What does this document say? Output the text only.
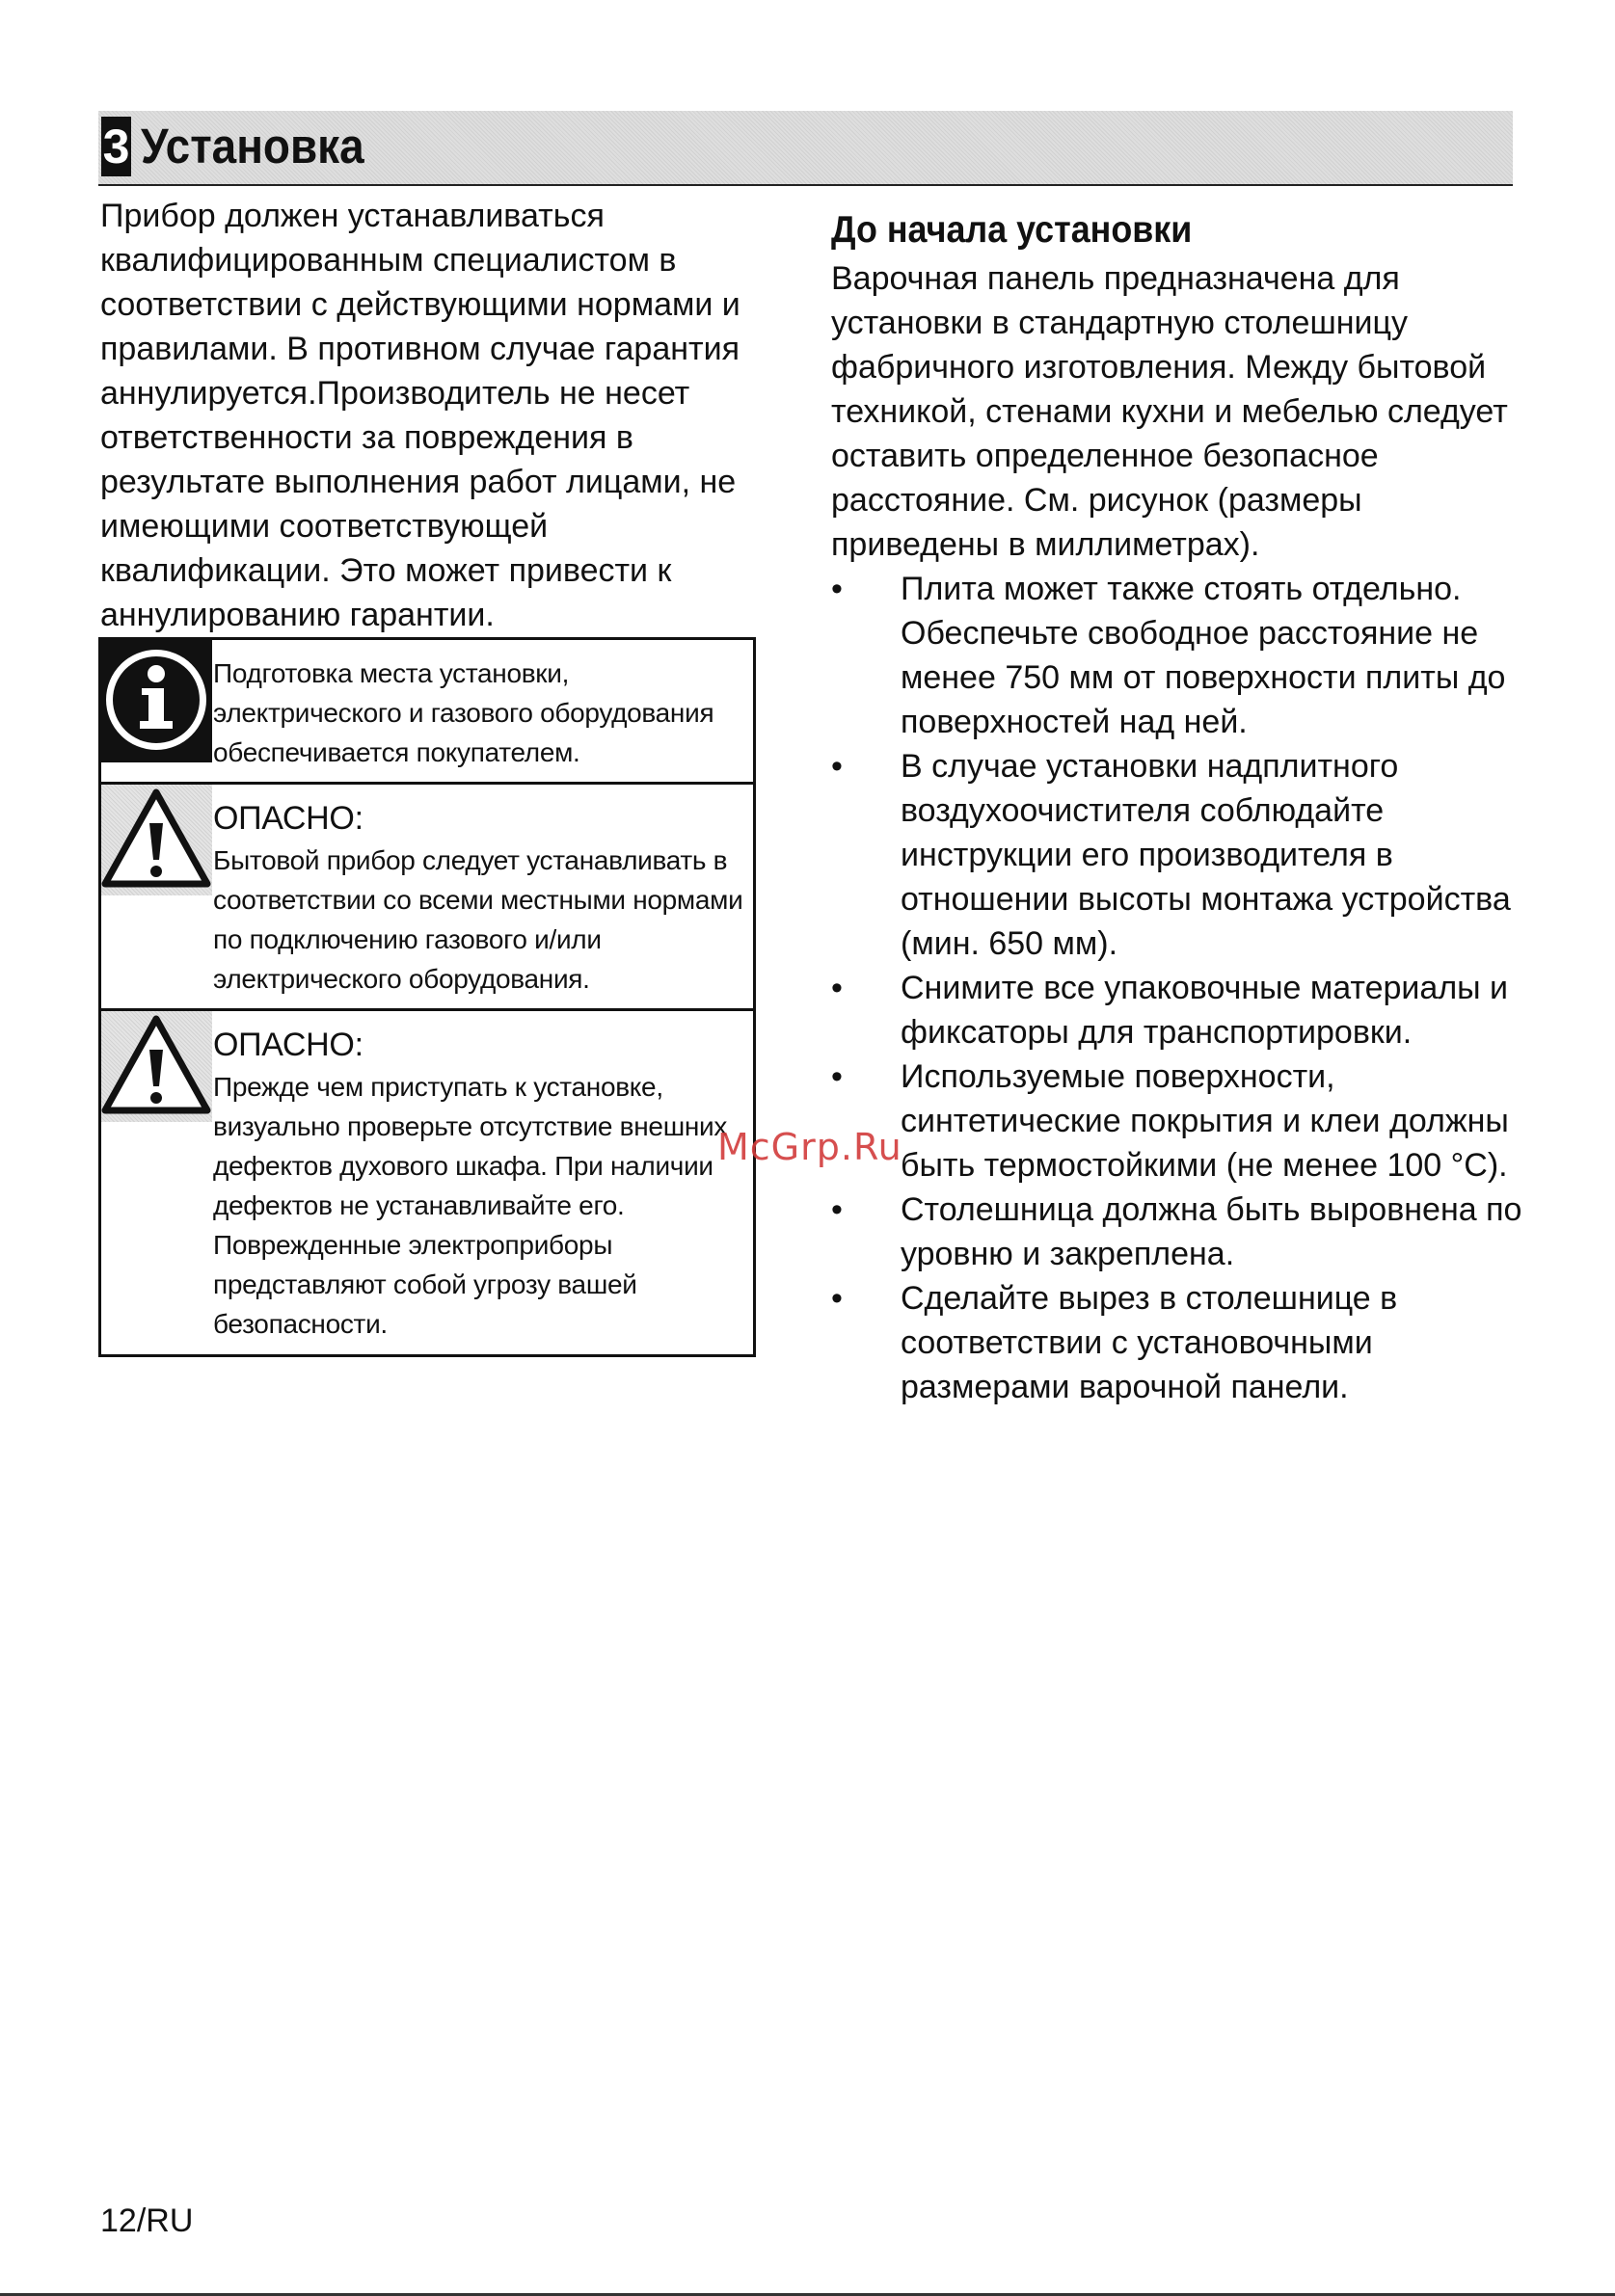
3 Установка

Прибор должен устанавливаться квалифицированным специалистом в соответствии с действующими нормами и правилами. В противном случае гарантия аннулируется.Производитель не несет ответственности за повреждения в результате выполнения работ лицами, не имеющими соответствующей квалификации. Это может привести к аннулированию гарантии.

Подготовка места установки, электрического и газового оборудования обеспечивается покупателем.
ОПАСНО:
Бытовой прибор следует устанавливать в соответствии со всеми местными нормами по подключению газового и/или электрического оборудования.
ОПАСНО:
Прежде чем приступать к установке, визуально проверьте отсутствие внешних дефектов духового шкафа. При наличии дефектов не устанавливайте его. Поврежденные электроприборы представляют собой угрозу вашей безопасности.
До начала установки

Варочная панель предназначена для установки в стандартную столешницу фабричного изготовления. Между бытовой техникой, стенами кухни и мебелью следует оставить определенное безопасное расстояние. См. рисунок (размеры приведены в миллиметрах).

• Плита может также стоять отдельно. Обеспечьте свободное расстояние не менее 750 мм от поверхности плиты до поверхностей над ней.
• В случае установки надплитного воздухоочистителя соблюдайте инструкции его производителя в отношении высоты монтажа устройства (мин. 650 мм).
• Снимите все упаковочные материалы и фиксаторы для транспортировки.
• Используемые поверхности, синтетические покрытия и клеи должны быть термостойкими (не менее 100 °C).
• Столешница должна быть выровнена по уровню и закреплена.
• Сделайте вырез в столешнице в соответствии с установочными размерами варочной панели.
McGrp.Ru
12/RU
